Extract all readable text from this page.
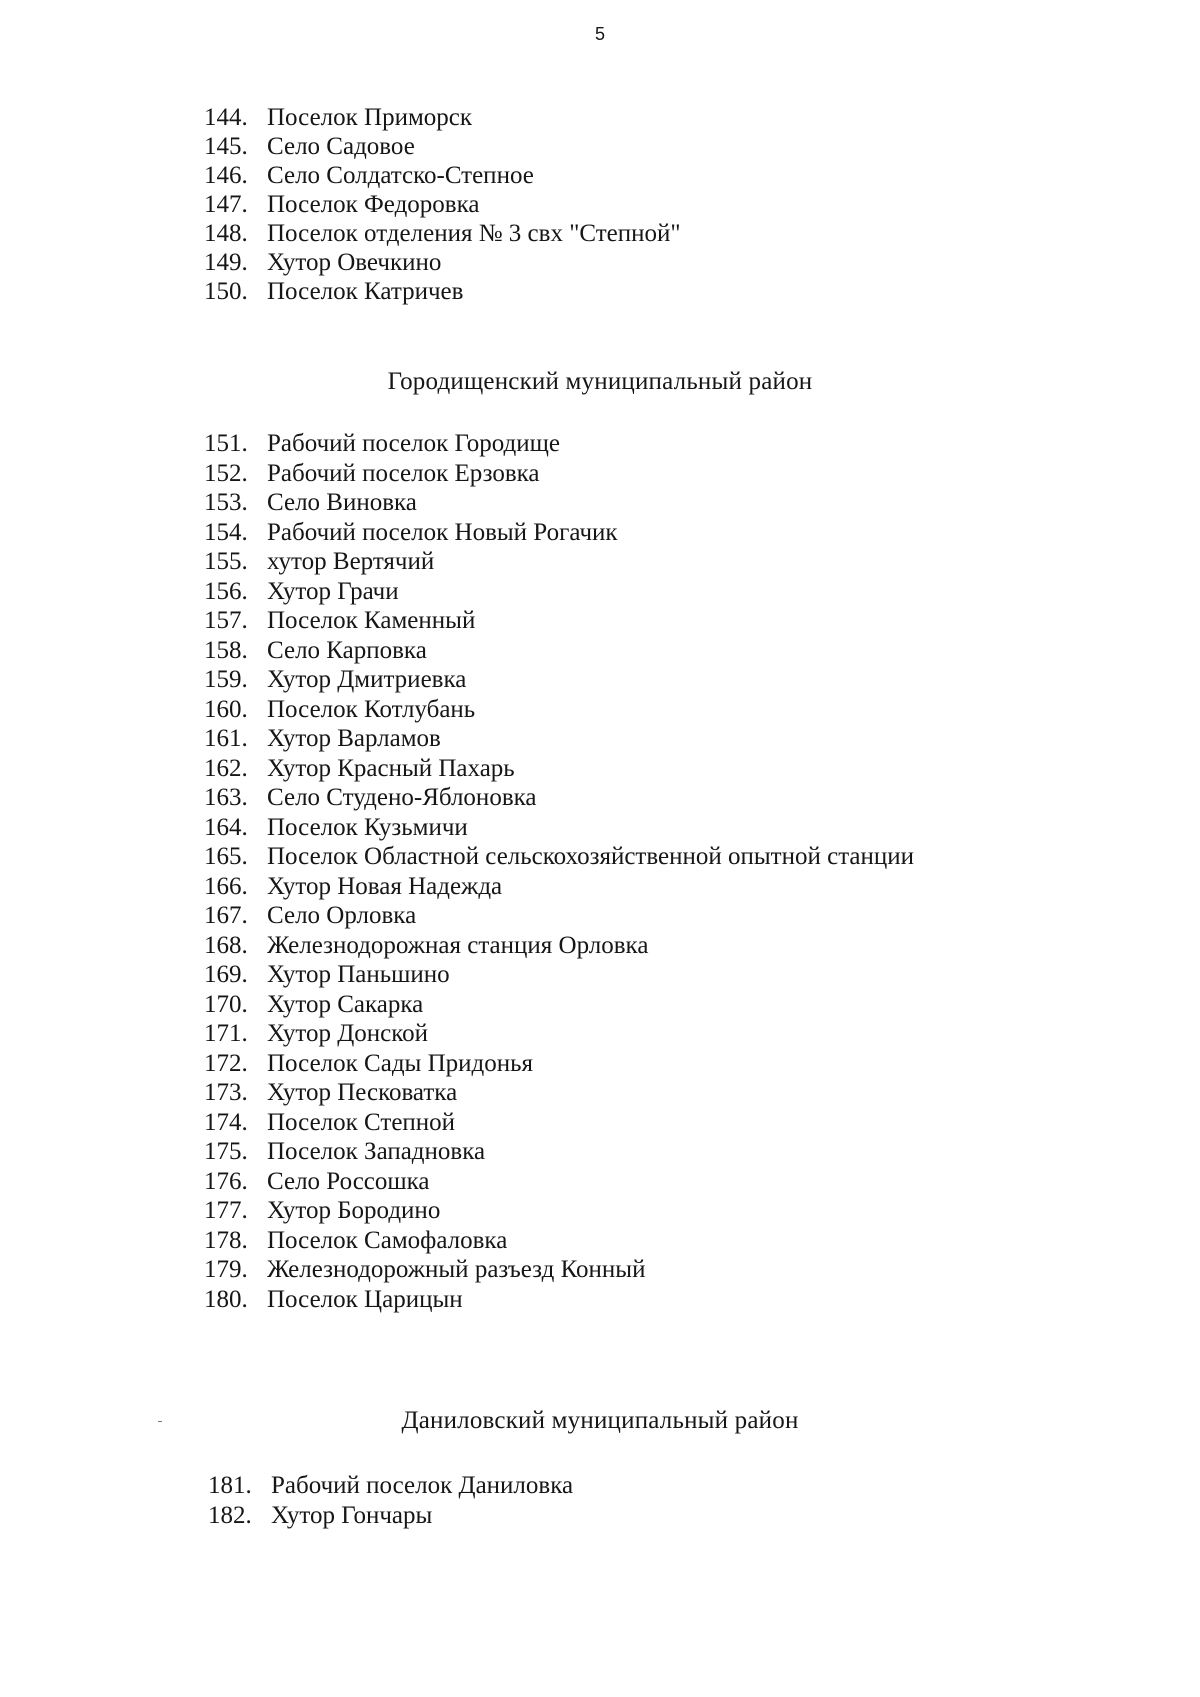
5
144. Поселок Приморск
145. Село Садовое
146. Село Солдатско-Степное
147. Поселок Федоровка
148. Поселок отделения № 3 свх "Степной"
149. Хутор Овечкино
150. Поселок Катричев
Городищенский муниципальный район
151. Рабочий поселок Городище
152. Рабочий поселок Ерзовка
153. Село Виновка
154. Рабочий поселок Новый Рогачик
155. хутор Вертячий
156. Хутор Грачи
157. Поселок Каменный
158. Село Карповка
159. Хутор Дмитриевка
160. Поселок Котлубань
161. Хутор Варламов
162. Хутор Красный Пахарь
163. Село Студено-Яблоновка
164. Поселок Кузьмичи
165. Поселок Областной сельскохозяйственной опытной станции
166. Хутор Новая Надежда
167. Село Орловка
168. Железнодорожная станция Орловка
169. Хутор Паньшино
170. Хутор Сакарка
171. Хутор Донской
172. Поселок Сады Придонья
173. Хутор Песковатка
174. Поселок Степной
175. Поселок Западновка
176. Село Россошка
177. Хутор Бородино
178. Поселок Самофаловка
179. Железнодорожный разъезд Конный
180. Поселок Царицын
Даниловский муниципальный район
181. Рабочий поселок Даниловка
182. Хутор Гончары
